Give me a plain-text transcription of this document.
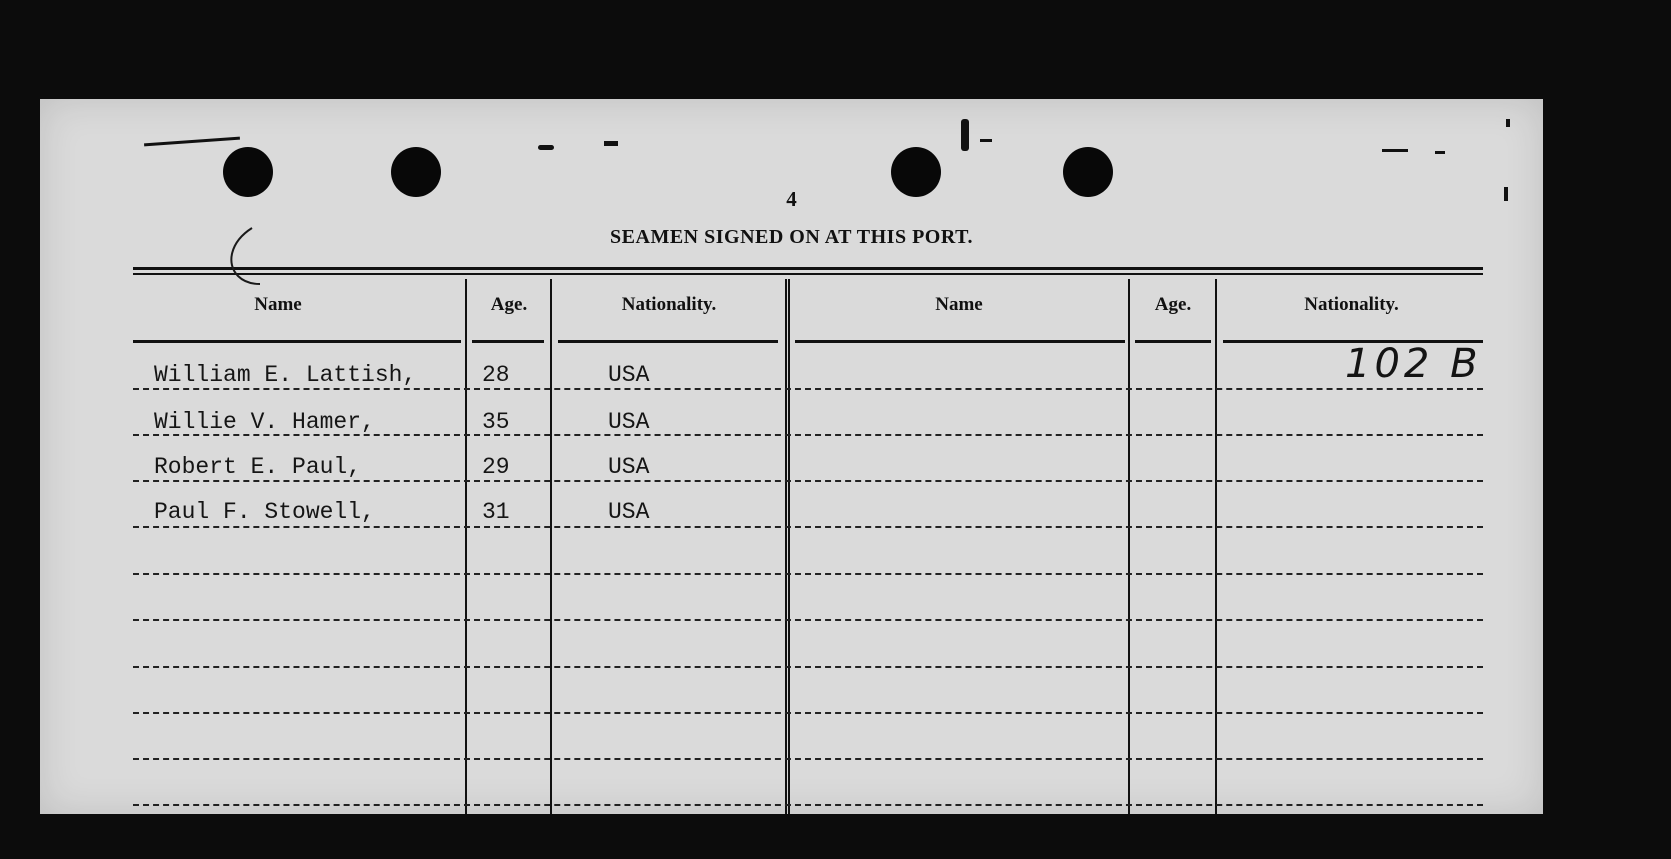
4
SEAMEN SIGNED ON AT THIS PORT.
Name	Age.	Nationality.	Name	Age.	Nationality.
William E. Lattish,	28	USA
Willie V. Hamer,	35	USA
Robert E. Paul,	29	USA
Paul F. Stowell,	31	USA
102 B
